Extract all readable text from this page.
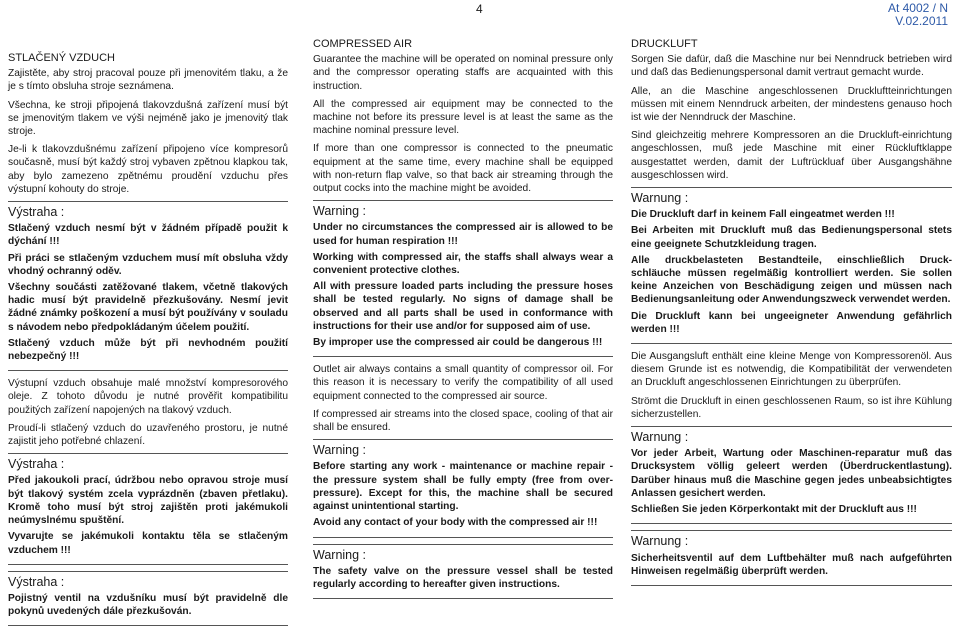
4	At 4002 / N
V.02.2011
STLAČENÝ VZDUCH

Zajistěte, aby stroj pracoval pouze při jmenovitém tlaku, a že je s tímto obsluha stroje seznámena.

Všechna, ke stroji připojená tlakovzdušná zařízení musí být se jmenovitým tlakem ve výši nejméně jako je jmenovitý tlak stroje.

Je-li k tlakovzdušnému zařízení připojeno více kompresorů současně, musí být každý stroj vybaven zpětnou klapkou tak, aby bylo zamezeno zpětnému proudění vzduchu přes výstupní kohouty do stroje.

Výstraha :

Stlačený vzduch nesmí být v žádném případě použit k dýchání !!!

Při práci se stlačeným vzduchem musí mít obsluha vždy vhodný ochranný oděv.

Všechny součásti zatěžované tlakem, včetně tlakových hadic musí být pravidelně přezkušovány. Nesmí jevit žádné známky poškození a musí být používány v souladu s návodem nebo předpokládaným účelem použití.

Stlačený vzduch může být při nevhodném použití nebezpečný !!!

Výstupní vzduch obsahuje malé množství kompresorového oleje. Z tohoto důvodu je nutné prověřit kompatibilitu použitých zařízení napojených na tlakový vzduch.

Proudí-li stlačený vzduch do uzavřeného prostoru, je nutné zajistit jeho potřebné chlazení.

Výstraha :

Před jakoukoli prací, údržbou nebo opravou stroje musí být tlakový systém zcela vyprázdněn (zbaven přetlaku). Kromě toho musí být stroj zajištěn proti jakémukoli neúmyslnému spuštění.

Vyvarujte se jakémukoli kontaktu těla se stlačeným vzduchem !!!

Výstraha :

Pojistný ventil na vzdušníku musí být pravidelně dle pokynů uvedených dále přezkušován.

COMPRESSED AIR

Guarantee the machine will be operated on nominal pressure only and the compressor operating staffs are acquainted with this instruction.

All the compressed air equipment may be connected to the machine not before its pressure level is at least the same as the machine nominal pressure level.

If more than one compressor is connected to the pneumatic equipment at the same time, every machine shall be equipped with non-return flap valve, so that back air streaming through the output cocks into the machine might be avoided.

Warning :

Under no circumstances the compressed air is allowed to be used for human respiration !!!

Working with compressed air, the staffs shall always wear a convenient protective clothes.

All with pressure loaded parts including the pressure hoses shall be tested regularly. No signs of damage shall be observed and all parts shall be used in conformance with instructions for their use and/or for supposed aim of use.

By improper use the compressed air could be dangerous !!!

Outlet air always contains a small quantity of compressor oil. For this reason it is necessary to verify the compatibility of all used equipment connected to the compressed air source.

If compressed air streams into the closed space, cooling of that air shall be ensured.

Warning :

Before starting any work - maintenance or machine repair - the pressure system shall be fully empty (free from over-pressure). Except for this, the machine shall be secured against unintentional starting.

Avoid any contact of your body with the compressed air !!!

Warning :

The safety valve on the pressure vessel shall be tested regularly according to hereafter given instructions.

DRUCKLUFT

Sorgen Sie dafür, daß die Maschine nur bei Nenndruck betrieben wird und daß das Bedienungspersonal damit vertraut gemacht wurde.

Alle, an die Maschine angeschlossenen Druckluftteinrichtungen müssen mit einem Nenndruck arbeiten, der mindestens genauso hoch ist wie der Nenndruck der Maschine.

Sind gleichzeitig mehrere Kompressoren an die Druckluft-einrichtung angeschlossen, muß jede Maschine mit einer Rückluftklappe ausgestattet werden, damit der Luftrückluaf über Ausgangshähne ausgeschlossen wird.

Warnung :

Die Druckluft darf in keinem Fall eingeatmet werden !!!

Bei Arbeiten mit Druckluft muß das Bedienungspersonal stets eine geeignete Schutzkleidung tragen.

Alle druckbelasteten Bestandteile, einschließlich Druck-schläuche müssen regelmäßig kontrolliert werden. Sie sollen keine Anzeichen von Beschädigung zeigen und müssen nach Bedienungsanleitung oder Anwendungszweck verwendet werden.

Die Druckluft kann bei ungeeigneter Anwendung gefährlich werden !!!

Die Ausgangsluft enthält eine kleine Menge von Kompressorenöl. Aus diesem Grunde ist es notwendig, die Kompatibilität der verwendeten an Druckluft angeschlossenen Einrichtungen zu überprüfen.

Strömt die Druckluft in einen geschlossenen Raum, so ist ihre Kühlung sicherzustellen.

Warnung :

Vor jeder Arbeit, Wartung oder Maschinen-reparatur muß das Drucksystem völlig geleert werden (Überdruckentlastung). Darüber hinaus muß die Maschine gegen jedes unbeabsichtigtes Anlassen gesichert werden.

Schließen Sie jeden Körperkontakt mit der Druckluft aus !!!

Warnung :

Sicherheitsventil auf dem Luftbehälter muß nach aufgeführten Hinweisen regelmäßig überprüft werden.
